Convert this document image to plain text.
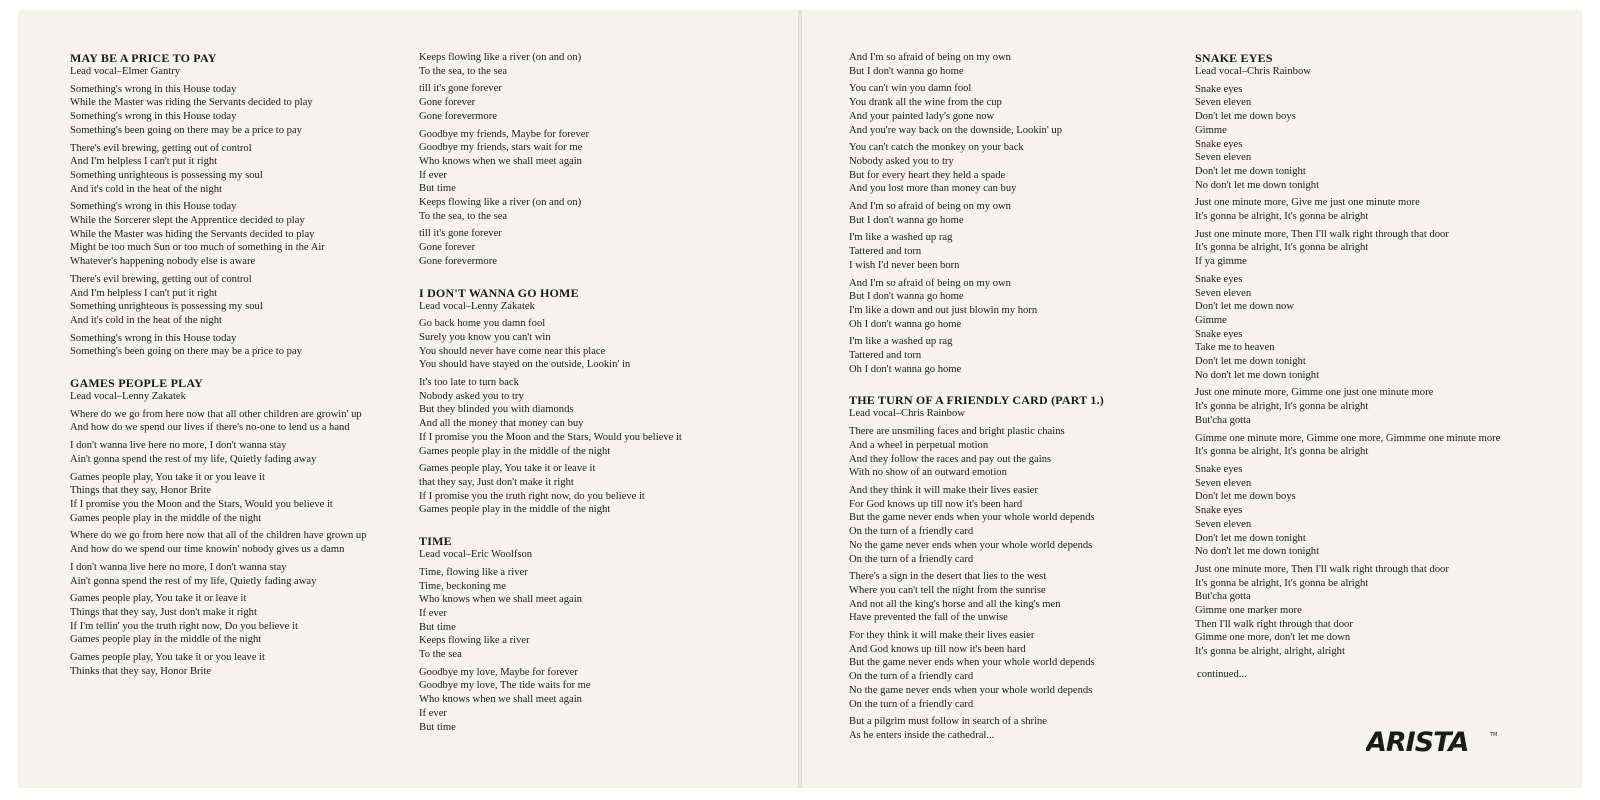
MAY BE A PRICE TO PAY
Lead vocal–Elmer Gantry
Something's wrong in this House today
While the Master was riding the Servants decided to play
Something's wrong in this House today
Something's been going on there may be a price to pay
There's evil brewing, getting out of control
And I'm helpless I can't put it right
Something unrighteous is possessing my soul
And it's cold in the heat of the night
Something's wrong in this House today
While the Sorcerer slept the Apprentice decided to play
While the Master was hiding the Servants decided to play
Might be too much Sun or too much of something in the Air
Whatever's happening nobody else is aware
There's evil brewing, getting out of control
And I'm helpless I can't put it right
Something unrighteous is possessing my soul
And it's cold in the heat of the night
Something's wrong in this House today
Something's been going on there may be a price to pay
GAMES PEOPLE PLAY
Lead vocal–Lenny Zakatek
Where do we go from here now that all other children are growin' up
And how do we spend our lives if there's no-one to lend us a hand
I don't wanna live here no more, I don't wanna stay
Ain't gonna spend the rest of my life, Quietly fading away
Games people play, You take it or you leave it
Things that they say, Honor Brite
If I promise you the Moon and the Stars, Would you believe it
Games people play in the middle of the night
Where do we go from here now that all of the children have grown up
And how do we spend our time knowin' nobody gives us a damn
I don't wanna live here no more, I don't wanna stay
Ain't gonna spend the rest of my life, Quietly fading away
Games people play, You take it or leave it
Things that they say, Just don't make it right
If I'm tellin' you the truth right now, Do you believe it
Games people play in the middle of the night
Games people play, You take it or you leave it
Thinks that they say, Honor Brite
Keeps flowing like a river (on and on)
To the sea, to the sea
till it's gone forever
Gone forever
Gone forevermore
Goodbye my friends, Maybe for forever
Goodbye my friends, stars wait for me
Who knows when we shall meet again
If ever
But time
Keeps flowing like a river (on and on)
To the sea, to the sea
till it's gone forever
Gone forever
Gone forevermore
I DON'T WANNA GO HOME
Lead vocal–Lenny Zakatek
Go back home you damn fool
Surely you know you can't win
You should never have come near this place
You should have stayed on the outside, Lookin' in
It's too late to turn back
Nobody asked you to try
But they blinded you with diamonds
And all the money that money can buy
If I promise you the Moon and the Stars, Would you believe it
Games people play in the middle of the night
Games people play, You take it or leave it
that they say, Just don't make it right
If I promise you the truth right now, do you believe it
Games people play in the middle of the night
TIME
Lead vocal–Eric Woolfson
Time, flowing like a river
Time, beckoning me
Who knows when we shall meet again
If ever
But time
Keeps flowing like a river
To the sea
Goodbye my love, Maybe for forever
Goodbye my love, The tide waits for me
Who knows when we shall meet again
If ever
But time
And I'm so afraid of being on my own
But I don't wanna go home
You can't win you damn fool
You drank all the wine from the cup
And your painted lady's gone now
And you're way back on the downside, Lookin' up
You can't catch the monkey on your back
Nobody asked you to try
But for every heart they held a spade
And you lost more than money can buy
And I'm so afraid of being on my own
But I don't wanna go home
I'm like a washed up rag
Tattered and torn
I wish I'd never been born
And I'm so afraid of being on my own
But I don't wanna go home
I'm like a down and out just blowin my horn
Oh I don't wanna go home
I'm like a washed up rag
Tattered and torn
Oh I don't wanna go home
THE TURN OF A FRIENDLY CARD (PART 1.)
Lead vocal–Chris Rainbow
There are unsmiling faces and bright plastic chains
And a wheel in perpetual motion
And they follow the races and pay out the gains
With no show of an outward emotion
And they think it will make their lives easier
For God knows up till now it's been hard
But the game never ends when your whole world depends
On the turn of a friendly card
No the game never ends when your whole world depends
On the turn of a friendly card
There's a sign in the desert that lies to the west
Where you can't tell the night from the sunrise
And not all the king's horse and all the king's men
Have prevented the fall of the unwise
For they think it will make their lives easier
And God knows up till now it's been hard
But the game never ends when your whole world depends
On the turn of a friendly card
No the game never ends when your whole world depends
On the turn of a friendly card
But a pilgrim must follow in search of a shrine
As he enters inside the cathedral...
SNAKE EYES
Lead vocal–Chris Rainbow
Snake eyes
Seven eleven
Don't let me down boys
Gimme
Snake eyes
Seven eleven
Don't let me down tonight
No don't let me down tonight
Just one minute more, Give me just one minute more
It's gonna be alright, It's gonna be alright
Just one minute more, Then I'll walk right through that door
It's gonna be alright, It's gonna be alright
If ya gimme
Snake eyes
Seven eleven
Don't let me down now
Gimme
Snake eyes
Take me to heaven
Don't let me down tonight
No don't let me down tonight
Just one minute more, Gimme one just one minute more
It's gonna be alright, It's gonna be alright
But'cha gotta
Gimme one minute more, Gimme one more, Gimmme one minute more
It's gonna be alright, It's gonna be alright
Snake eyes
Seven eleven
Don't let me down boys
Snake eyes
Seven eleven
Don't let me down tonight
No don't let me down tonight
Just one minute more, Then I'll walk right through that door
It's gonna be alright, It's gonna be alright
But'cha gotta
Gimme one marker more
Then I'll walk right through that door
Gimme one more, don't let me down
It's gonna be alright, alright, alright
continued...
ARISTA	TM
